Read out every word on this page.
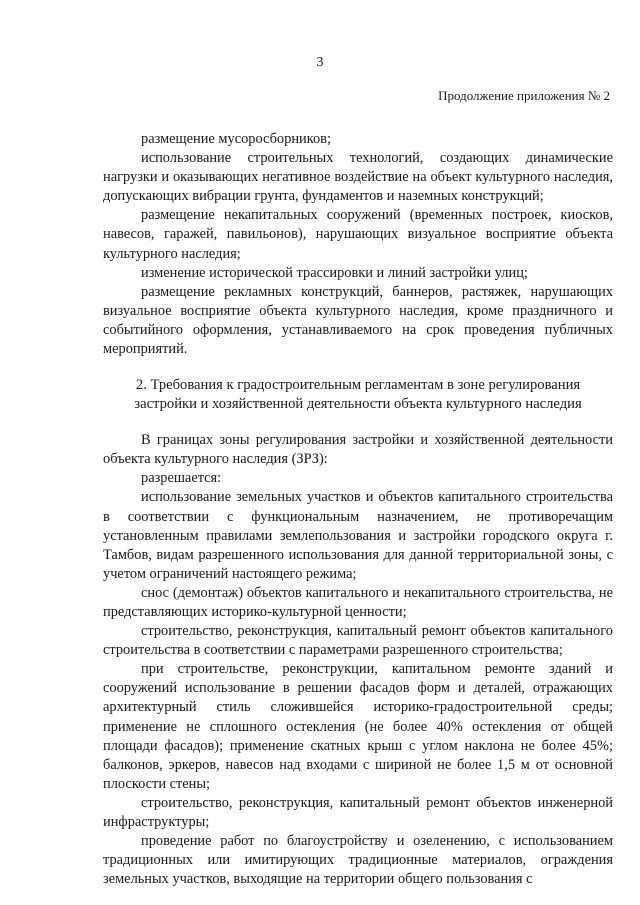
3
Продолжение приложения № 2

размещение мусоросборников;

использование строительных технологий, создающих динамические нагрузки и оказывающих негативное воздействие на объект культурного наследия, допускающих вибрации грунта, фундаментов и наземных конструкций;

размещение некапитальных сооружений (временных построек, киосков, навесов, гаражей, павильонов), нарушающих визуальное восприятие объекта культурного наследия;

изменение исторической трассировки и линий застройки улиц;

размещение рекламных конструкций, баннеров, растяжек, нарушающих визуальное восприятие объекта культурного наследия, кроме праздничного и событийного оформления, устанавливаемого на срок проведения публичных мероприятий.

2. Требования к градостроительным регламентам в зоне регулирования застройки и хозяйственной деятельности объекта культурного наследия

В границах зоны регулирования застройки и хозяйственной деятельности объекта культурного наследия (ЗРЗ):

разрешается:

использование земельных участков и объектов капитального строительства в соответствии с функциональным назначением, не противоречащим установленным правилами землепользования и застройки городского округа г. Тамбов, видам разрешенного использования для данной территориальной зоны, с учетом ограничений настоящего режима;

снос (демонтаж) объектов капитального и некапитального строительства, не представляющих историко-культурной ценности;

строительство, реконструкция, капитальный ремонт объектов капитального строительства в соответствии с параметрами разрешенного строительства;

при строительстве, реконструкции, капитальном ремонте зданий и сооружений использование в решении фасадов форм и деталей, отражающих архитектурный стиль сложившейся историко-градостроительной среды; применение не сплошного остекления (не более 40% остекления от общей площади фасадов); применение скатных крыш с углом наклона не более 45%; балконов, эркеров, навесов над входами с шириной не более 1,5 м от основной плоскости стены;

строительство, реконструкция, капитальный ремонт объектов инженерной инфраструктуры;

проведение работ по благоустройству и озеленению, с использованием традиционных или имитирующих традиционные материалов, ограждения земельных участков, выходящие на территории общего пользования с
